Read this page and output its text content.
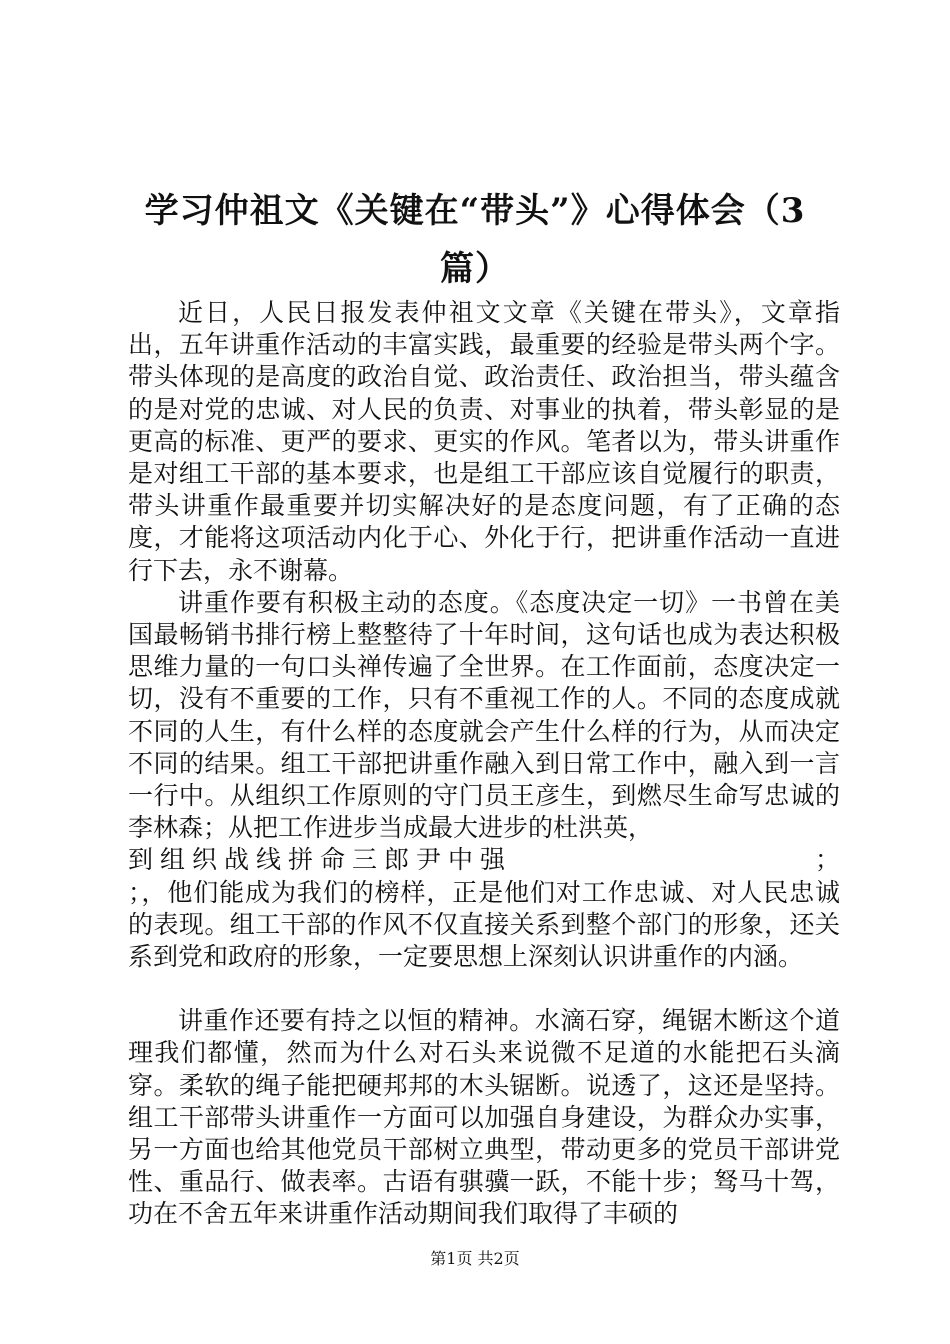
学习仲祖文《关键在“带头”》心得体会（3篇）

近日，人民日报发表仲祖文文章《关键在带头》，文章指出，五年讲重作活动的丰富实践，最重要的经验是带头两个字。带头体现的是高度的政治自觉、政治责任、政治担当，带头蕴含的是对党的忠诚、对人民的负责、对事业的执着，带头彰显的是更高的标准、更严的要求、更实的作风。笔者以为，带头讲重作是对组工干部的基本要求，也是组工干部应该自觉履行的职责，带头讲重作最重要并切实解决好的是态度问题，有了正确的态度，才能将这项活动内化于心、外化于行，把讲重作活动一直进行下去，永不谢幕。

讲重作要有积极主动的态度。《态度决定一切》一书曾在美国最畅销书排行榜上整整待了十年时间，这句话也成为表达积极思维力量的一句口头禅传遍了全世界。在工作面前，态度决定一切，没有不重要的工作，只有不重视工作的人。不同的态度成就不同的人生，有什么样的态度就会产生什么样的行为，从而决定不同的结果。组工干部把讲重作融入到日常工作中，融入到一言一行中。从组织工作原则的守门员王彦生，到燃尽生命写忠诚的李林森；从把工作进步当成最大进步的杜洪英，

到组织战线拼命三郎尹中强	；

；，他们能成为我们的榜样，正是他们对工作忠诚、对人民忠诚的表现。组工干部的作风不仅直接关系到整个部门的形象，还关系到党和政府的形象，一定要思想上深刻认识讲重作的内涵。

讲重作还要有持之以恒的精神。水滴石穿，绳锯木断这个道理我们都懂，然而为什么对石头来说微不足道的水能把石头滴穿。柔软的绳子能把硬邦邦的木头锯断。说透了，这还是坚持。组工干部带头讲重作一方面可以加强自身建设，为群众办实事，另一方面也给其他党员干部树立典型，带动更多的党员干部讲党性、重品行、做表率。古语有骐骥一跃，不能十步；驽马十驾，功在不舍五年来讲重作活动期间我们取得了丰硕的

第1页 共2页
